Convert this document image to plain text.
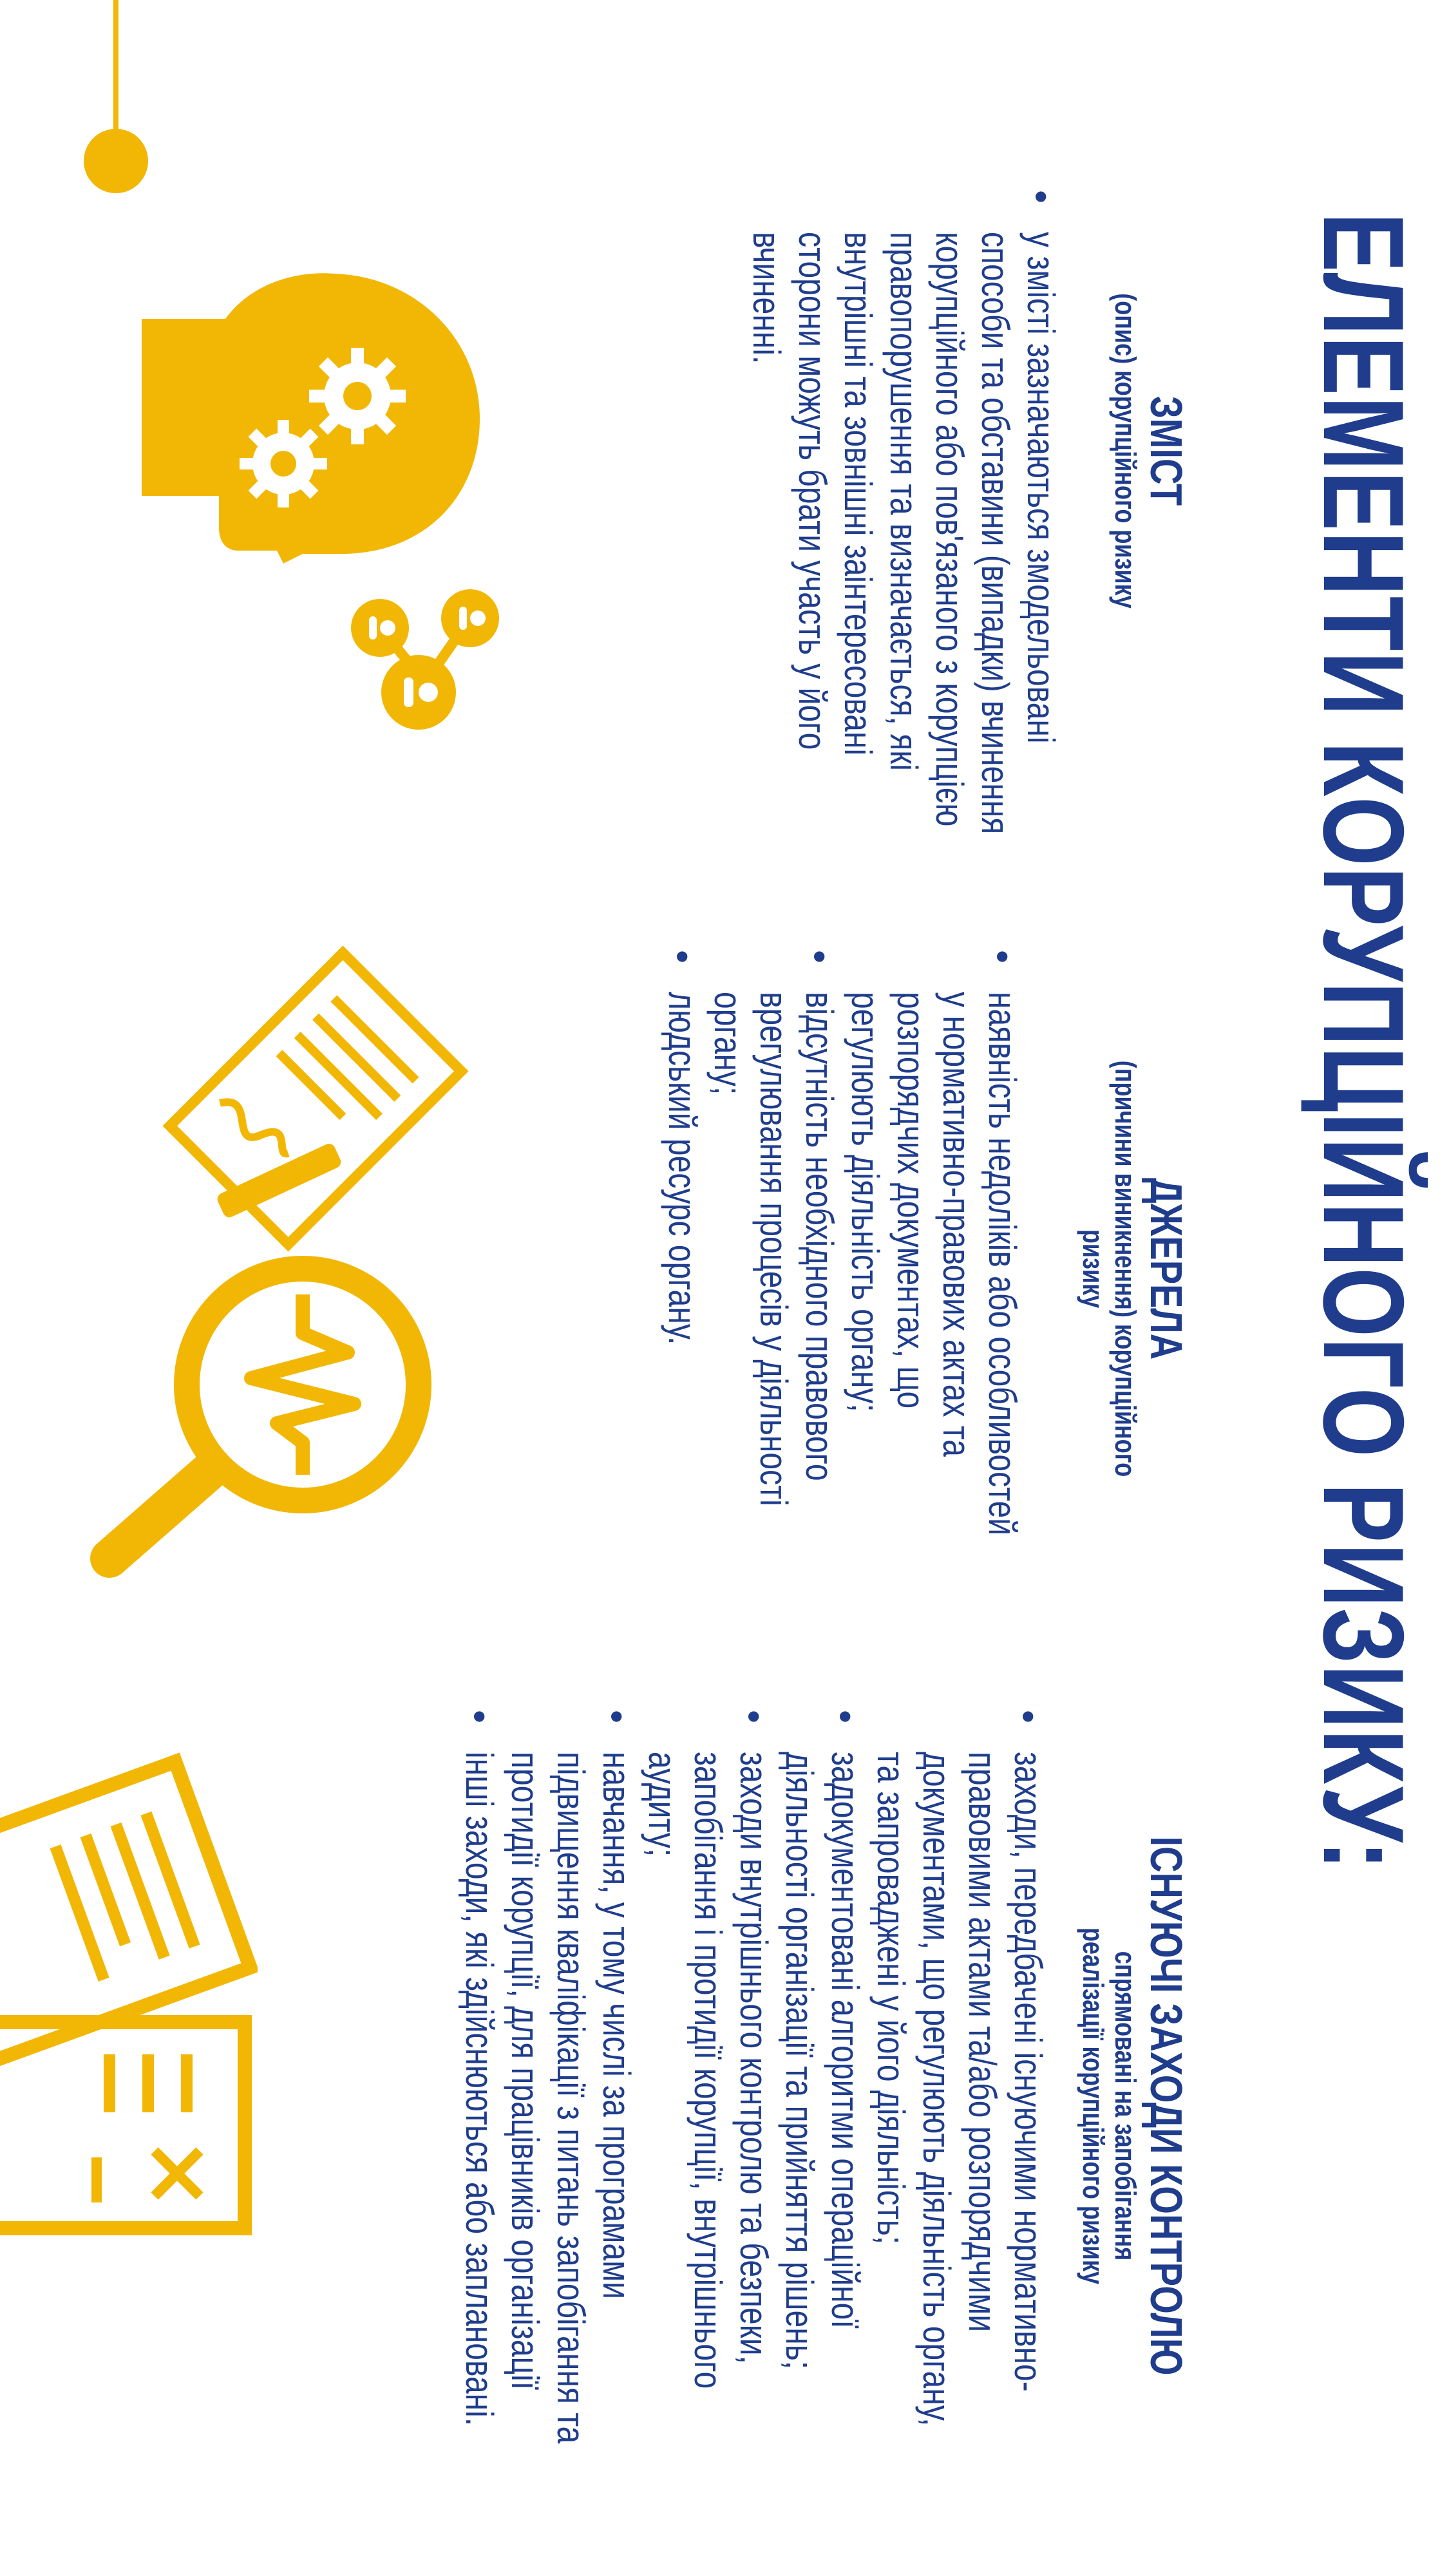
ЕЛЕМЕНТИ КОРУПЦІЙНОГО РИЗИКУ:
ЗМІСТ
(опис) корупційного ризику
•
у змісті зазначаються змодельовані способи та обставини (випадки) вчинення корупційного або пов'язаного з корупцією правопорушення та визначається, які внутрішні та зовнішні заінтересовані сторони можуть брати участь у його вчиненні.
ДЖЕРЕЛА
(причини виникнення) корупційного ризику
•
наявність недоліків або особливостей у нормативно-правових актах та розпорядчих документах, що регулюють діяльність органу;
•
відсутність необхідного правового врегулювання процесів у діяльності органу;
•
людський ресурс органу.
ІСНУЮЧІ ЗАХОДИ КОНТРОЛЮ
спрямовані на запобігання реалізації корупційного ризику
•
заходи, передбачені існуючими нормативно-правовими актами та/або розпорядчими документами, що регулюють діяльність органу, та запроваджені у його діяльність;
•
задокументовані алгоритми операційної діяльності організації та прийняття рішень;
•
заходи внутрішнього контролю та безпеки, запобігання і протидії корупції, внутрішнього аудиту;
•
навчання, у тому числі за програмами підвищення кваліфікації з питань запобігання та протидії корупції, для працівників організації
•
інші заходи, які здійснюються або заплановані.
